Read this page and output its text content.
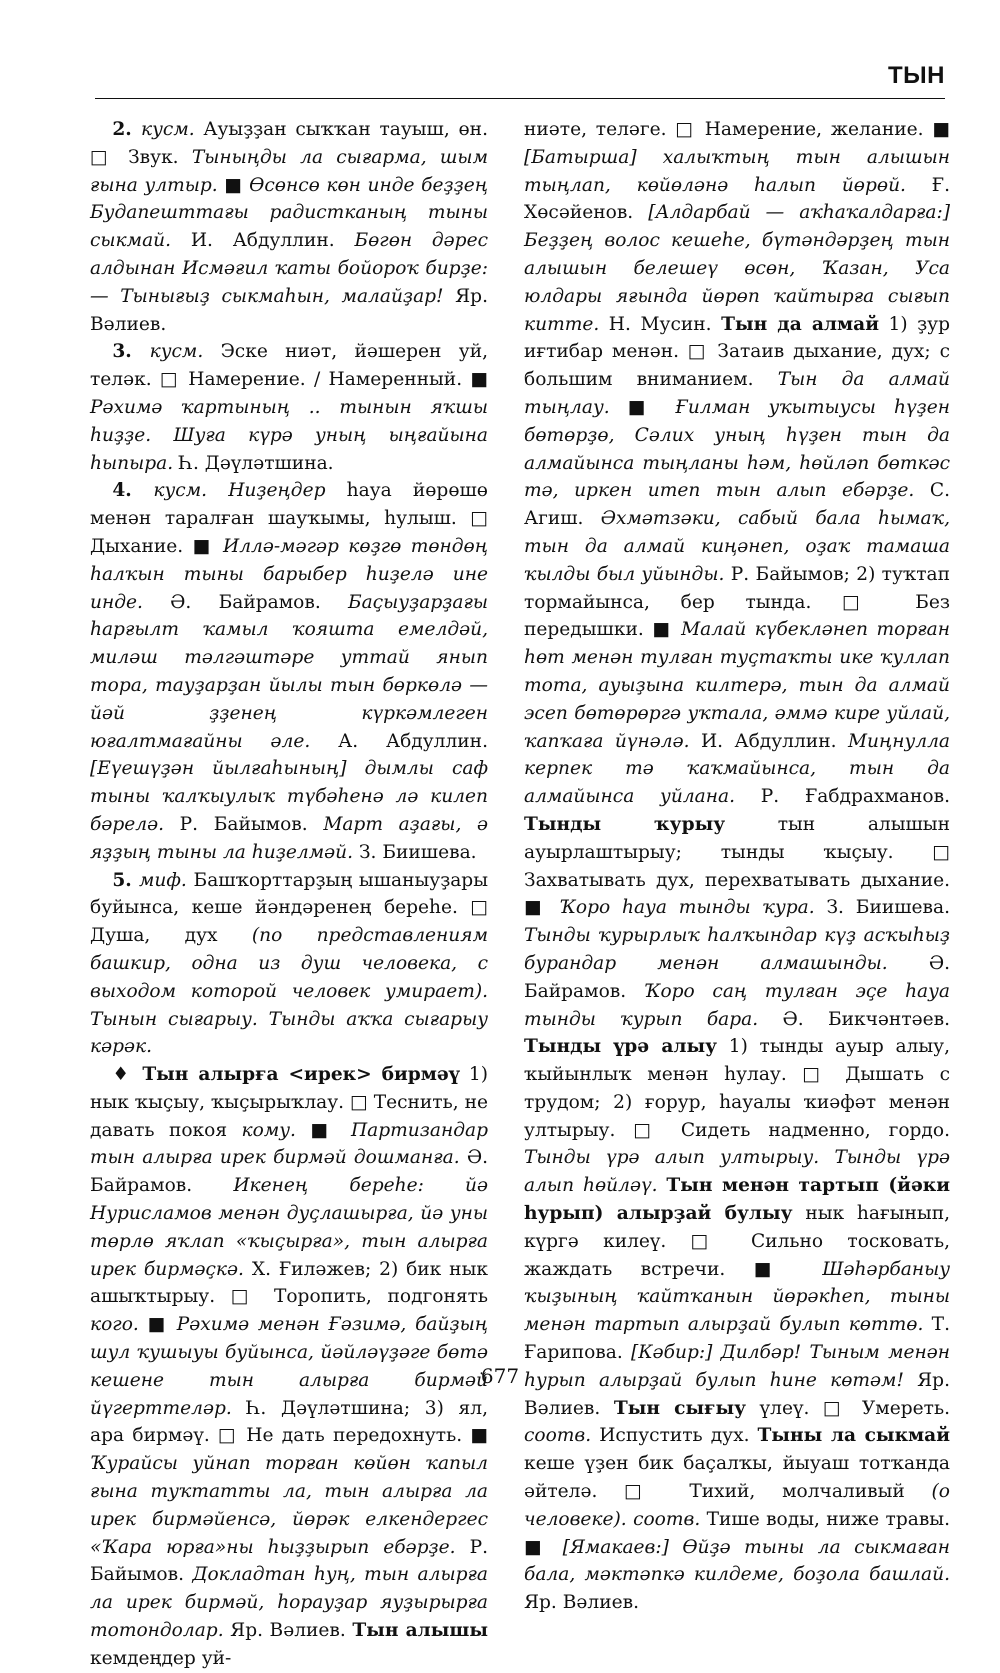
ТЫН

2. кусм. Ауыҙҙан сыҡҡан тауыш, өн. □ Звук. Тыныңды ла сығарма, шым ғына ултыр. ■ Өсөнсө көн инде беҙҙең Будапешттағы радистканың тыны сыкмай. И. Абдуллин. Бөгөн дәрес алдынан Исмәғил ҡаты бойороҡ бирҙе: — Тынығыҙ сыкмаһын, малайҙар! Яр. Вәлиев.

3. кусм. Эске ниәт, йәшерен уй, теләк. □ Намерение. / Намеренный. ■ Рәхимә ҡартының .. тынын яҡшы һиҙҙе. Шуға күрә уның ыңғайына һыпыра. Һ. Дәүләтшина.

4. кусм. Ниҙеңдер һауа йөрөшө менән таралған шауҡымы, һулыш. □ Дыхание. ■ Иллә-мәгәр көҙгө төндөң һалҡын тыны барыбер һиҙелә ине инде. Ә. Байрамов. Баҫыуҙарҙағы һарғылт ҡамыл ҡояшта емелдәй, миләш тәлгәштәре уттай янып тора, тауҙарҙан йылы тын бөркөлә — йәй ҙҙенең күркәмлеген юғалтмағайны әле. А. Абдуллин. [Еүешүҙән йылғаһының] дымлы саф тыны ҡалҡыулыҡ түбәһенә лә килеп бәрелә. Р. Байымов. Март аҙағы, ә яҙҙың тыны ла һиҙелмәй. З. Биишева.

5. миф. Башҡорттарҙың ышаныуҙары буйынса, кеше йәндәренең береһе. □ Душа, дух (по представлениям башкир, одна из душ человека, с выходом которой человек умирает). Тынын сығарыу. Тынды аҡҡа сығарыу кәрәк.

♦ Тын алырға <ирек> бирмәү 1) нык ҡыҫыу, ҡыҫырыҡлау. □ Теснить, не давать покоя кому. ■ Партизандар тын алырға ирек бирмәй дошманға. Ә. Байрамов. Икенең береһе: йә Нурисламов менән дуҫлашырға, йә уны төрлө яҡлап «ҡыҫырға», тын алырға ирек бирмәҫкә. Х. Ғиләжев; 2) бик нык ашыҡтырыу. □ Торопить, подгонять кого. ■ Рәхимә менән Ғәзимә, байҙың шул ҡушыуы буйынса, йәйләүҙәге бөтә кешене тын алырға бирмәй йүгерттеләр. Һ. Дәүләтшина; 3) ял, ара бирмәү. □ Не дать передохнуть. ■ Ҡурайсы уйнап торған көйөн ҡапыл ғына туҡтатты ла, тын алырға ла ирек бирмәйенсә, йөрәк елкендергес «Ҡара юрға»ны һыҙҙырып ебәрҙе. Р. Байымов. Докладтан һуң, тын алырға ла ирек бирмәй, һорауҙар яуҙырырға тотондолар. Яр. Вәлиев. Тын алышы кемдеңдер уй-

ниәте, теләге. □ Намерение, желание. ■ [Батырша] халыҡтың тын алышын тыңлап, көйөләнә һалып йөрөй. Ғ. Хөсәйенов. [Алдарбай — аҡһаҡалдарға:] Беҙҙең волос кешеһе, бүтәндәрҙең тын алышын белешеү өсөн, Ҡазан, Уса юлдары яғында йөрөп ҡайтырға сығып китте. Н. Мусин. Тын да алмай 1) ҙур иғтибар менән. □ Затаив дыхание, дух; с большим вниманием. Тын да алмай тыңлау. ■ Ғилман уҡытыусы һүҙен бөтөрҙө, Сәлих уның һүҙен тын да алмайынса тыңланы һәм, һөйләп бөткәс тә, иркен итеп тын алып ебәрҙе. С. Агиш. Әхмәтзәки, сабый бала һымаҡ, тын да алмай киңәнеп, оҙаҡ тамаша ҡылды был уйынды. Р. Байымов; 2) туҡтап тормайынса, бер тында. □ Без передышки. ■ Малай күбекләнеп торған һөт менән тулған туҫтаҡты ике ҡуллап тота, ауыҙына килтерә, тын да алмай эсеп бөтөрөргә уҡтала, әммә кире уйлай, ҡапҡаға йүнәлә. И. Абдуллин. Миңнулла керпек тә ҡаҡмайынса, тын да алмайынса уйлана. Р. Ғабдрахманов. Тынды ҡурыу тын алышын ауырлаштырыу; тынды ҡыҫыу. □ Захватывать дух, перехватывать дыхание. ■ Ҡоро һауа тынды ҡура. З. Биишева. Тынды ҡурырлыҡ һалҡындар күҙ асҡыһыҙ бурандар менән алмашынды. Ә. Байрамов. Ҡоро саң тулған эҫе һауа тынды ҡурып бара. Ә. Бикчәнтәев. Тынды үрә алыу 1) тынды ауыр алыу, ҡыйынлыҡ менән һулау. □ Дышать с трудом; 2) ғорур, һауалы ҡиәфәт менән ултырыу. □ Сидеть надменно, гордо. Тынды үрә алып ултырыу. Тынды үрә алып һөйләү. Тын менән тартып (йәки һурып) алырҙай булыу нык һағынып, күргә килеү. □ Сильно тосковать, жаждать встречи. ■ Шәһәрбаныу ҡыҙының ҡайтҡанын йөрәкһеп, тыны менән тартып алырҙай булып көттө. Т. Ғарипова. [Кәбир:] Дилбәр! Тыным менән һурып алырҙай булып һине көтәм! Яр. Вәлиев. Тын сығыу үлеү. □ Умереть. соотв. Испустить дух. Тыны ла сыкмай кеше үҙен бик баҫалҡы, йыуаш тотҡанда әйтелә. □ Тихий, молчаливый (о человеке). соотв. Тише воды, ниже травы. ■ [Ямакаев:] Өйҙә тыны ла сыкмаған бала, мәктәпкә килдеме, боҙола башлай. Яр. Вәлиев.

677
